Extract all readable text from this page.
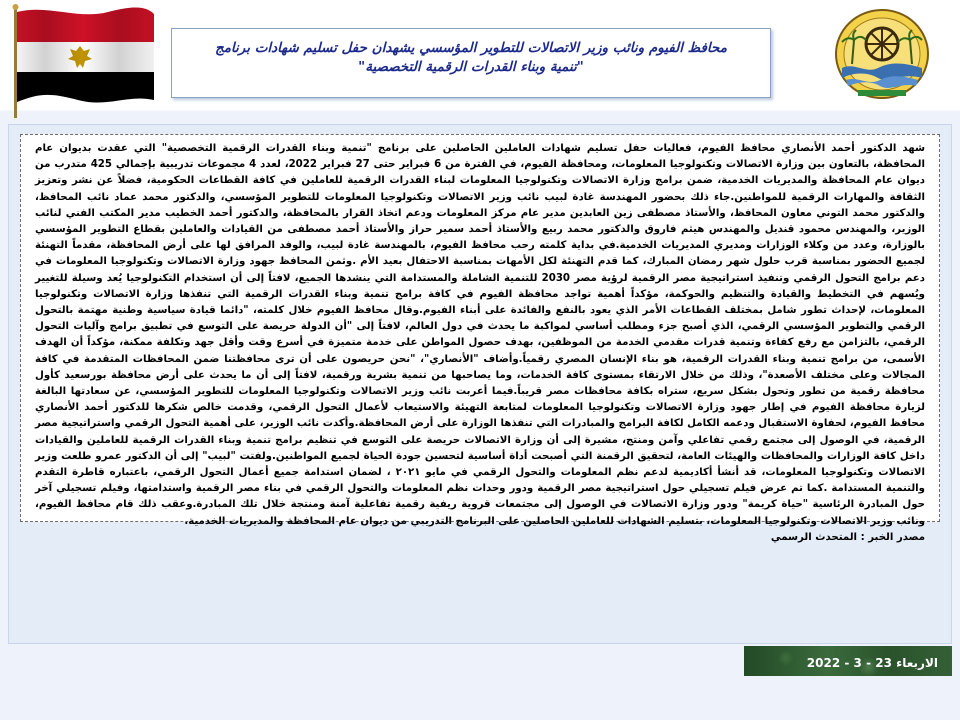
محافظ الفيوم ونائب وزير الاتصالات للتطوير المؤسسي يشهدان حفل تسليم شهادات برنامج
"تنمية وبناء القدرات الرقمية التخصصية"
شهد الدكتور أحمد الأنصاري محافظ الفيوم، فعاليات حفل تسليم شهادات العاملين الحاصلين على برنامج "تنمية وبناء القدرات الرقمية التخصصية" التي عقدت بديوان عام المحافظة، بالتعاون بين وزارة الاتصالات وتكنولوجيا المعلومات، ومحافظة الفيوم، في الفترة من 6 فبراير حتى 27 فبراير 2022، لعدد 4 مجموعات تدريبية بإجمالي 425 متدرب من ديوان عام المحافظة والمديريات الخدمية، ضمن برامج وزارة الاتصالات وتكنولوجيا المعلومات لبناء القدرات الرقمية للعاملين في كافة القطاعات الحكومية، فضلاً عن نشر وتعزيز الثقافة والمهارات الرقمية للمواطنين.جاء ذلك بحضور المهندسة غادة لبيب نائب وزير الاتصالات وتكنولوجيا المعلومات للتطوير المؤسسي، والدكتور محمد عماد نائب المحافظ، والدكتور محمد التوني معاون المحافظ، والأستاذ مصطفى زين العابدين مدير عام مركز المعلومات ودعم اتخاذ القرار بالمحافظة، والدكتور أحمد الخطيب مدير المكتب الفني لنائب الوزير، والمهندس محمود قنديل والمهندس هيثم فاروق والدكتور محمد ربيع والأستاذ أحمد سمير حراز والأستاذ أحمد مصطفى من القيادات والعاملين بقطاع التطوير المؤسسي بالوزارة، وعدد من وكلاء الوزارات ومديري المديريات الخدمية.في بداية كلمته رحب محافظ الفيوم، بالمهندسة غادة لبيب، والوفد المرافق لها على أرض المحافظة، مقدماً التهنئة لجميع الحضور بمناسبة قرب حلول شهر رمضان المبارك، كما قدم التهنئة لكل الأمهات بمناسبة الاحتفال بعيد الأم .وثمن المحافظ جهود وزارة الاتصالات وتكنولوجيا المعلومات في دعم برامج التحول الرقمي وتنفيذ استراتيجية مصر الرقمية لرؤية مصر 2030 للتنمية الشاملة والمستدامة التي ينشدها الجميع، لافتاً إلى أن استخدام التكنولوجيا يُعد وسيلة للتغيير ويُسهم في التخطيط والقيادة والتنظيم والحوكمة، مؤكداً أهمية تواجد محافظة الفيوم في كافة برامج تنمية وبناء القدرات الرقمية التي تنفذها وزارة الاتصالات وتكنولوجيا المعلومات، لإحداث تطور شامل بمختلف القطاعات الأمر الذي يعود بالنفع والفائدة على أبناء الفيوم.وقال محافظ الفيوم خلال كلمته، "دائما قيادة سياسية وطنية مهتمة بالتحول الرقمي والتطوير المؤسسي الرقمي، الذي أصبح جزء ومطلب أساسي لمواكبة ما يحدث في دول العالم، لافتاً إلى "أن الدولة حريصة على التوسع في تطبيق برامج وآليات التحول الرقمي، بالتزامن مع رفع كفاءة وتنمية قدرات مقدمي الخدمة من الموظفين، بهدف حصول المواطن على خدمة متميزة في أسرع وقت وأقل جهد وتكلفة ممكنة، مؤكداً أن الهدف الأسمى، من برامج تنمية وبناء القدرات الرقمية، هو بناء الإنسان المصري رقمياً.وأضاف "الأنصاري"، "نحن حريصون على أن ترى محافظتنا ضمن المحافظات المتقدمة في كافة المجالات وعلى مختلف الأصعدة"، وذلك من خلال الارتقاء بمستوى كافة الخدمات، وما يصاحبها من تنمية بشرية ورقمية، لافتاً إلى أن ما يحدث على أرض محافظة بورسعيد كأول محافظة رقمية من تطور وتحول بشكل سريع، ستراه بكافة محافظات مصر قريباً.فيما أعربت نائب وزير الاتصالات وتكنولوجيا المعلومات للتطوير المؤسسي، عن سعادتها البالغة لزيارة محافظة الفيوم في إطار جهود وزارة الاتصالات وتكنولوجيا المعلومات لمتابعة التهيئة والاستيعاب لأعمال التحول الرقمي، وقدمت خالص شكرها للدكتور أحمد الأنصاري محافظ الفيوم، لحفاوة الاستقبال ودعمه الكامل لكافة البرامج والمبادرات التي تنفذها الوزارة على أرض المحافظة.وأكدت نائب الوزير، على أهمية التحول الرقمي واستراتيجية مصر الرقمية، في الوصول إلى مجتمع رقمي تفاعلي وآمن ومنتج، مشيرة إلى أن وزارة الاتصالات حريصة على التوسع في تنظيم برامج تنمية وبناء القدرات الرقمية للعاملين والقيادات داخل كافة الوزارات والمحافظات والهيئات العامة، لتحقيق الرقمنة التي أصبحت أداة أساسية لتحسين جودة الحياة لجميع المواطنين.ولفتت "لبيب" إلى أن الدكتور عمرو طلعت وزير الاتصالات وتكنولوجيا المعلومات، قد أنشأ أكاديمية لدعم نظم المعلومات والتحول الرقمي في مايو ٢٠٢١ ، لضمان استدامة جميع أعمال التحول الرقمي، باعتباره قاطرة التقدم والتنمية المستدامة .كما تم عرض فيلم تسجيلي حول استراتيجية مصر الرقمية ودور وحدات نظم المعلومات والتحول الرقمي في بناء مصر الرقمية واستدامتها، وفيلم تسجيلي آخر حول المبادرة الرئاسية "حياة كريمة" ودور وزارة الاتصالات في الوصول إلى مجتمعات قروية ريفية رقمية تفاعلية آمنة ومنتجة خلال تلك المبادرة.وعقب ذلك قام محافظ الفيوم، ونائب وزير الاتصالات وتكنولوجيا المعلومات، بتسليم الشهادات للعاملين الحاصلين على البرنامج التدريبي من ديوان عام المحافظة والمديريات الخدمية.
مصدر الخبر : المتحدث الرسمي
الاربعاء 23 - 3 - 2022
